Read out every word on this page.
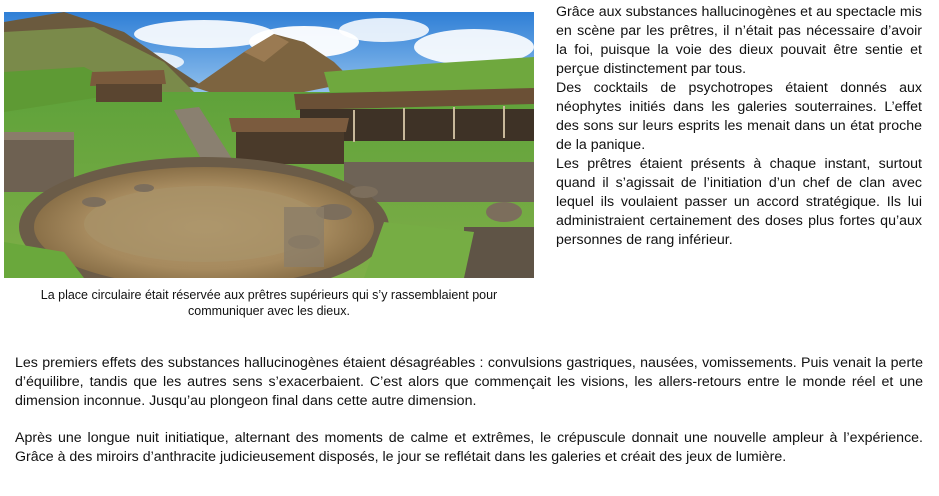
La place circulaire était réservée aux prêtres supérieurs qui s’y rassemblaient pour communiquer avec les dieux.

Grâce aux substances hallucinogènes et au spectacle mis en scène par les prêtres, il n’était pas nécessaire d’avoir la foi, puisque la voie des dieux pouvait être sentie et perçue distinctement par tous.

Des cocktails de psychotropes étaient donnés aux néophytes initiés dans les galeries souterraines. L’effet des sons sur leurs esprits les menait dans un état proche de la panique.

Les prêtres étaient présents à chaque instant, surtout quand il s’agissait de l’initiation d’un chef de clan avec lequel ils voulaient passer un accord stratégique. Ils lui administraient certainement des doses plus fortes qu’aux personnes de rang inférieur.

Les premiers effets des substances hallucinogènes étaient désagréables : convulsions gastriques, nausées, vomissements. Puis venait la perte d’équilibre, tandis que les autres sens s’exacerbaient. C’est alors que commençait les visions, les allers-retours entre le monde réel et une dimension inconnue. Jusqu’au plongeon final dans cette autre dimension.

Après une longue nuit initiatique, alternant des moments de calme et extrêmes, le crépuscule donnait une nouvelle ampleur à l’expérience. Grâce à des miroirs d’anthracite judicieusement disposés, le jour se reflétait dans les galeries et créait des jeux de lumière.
